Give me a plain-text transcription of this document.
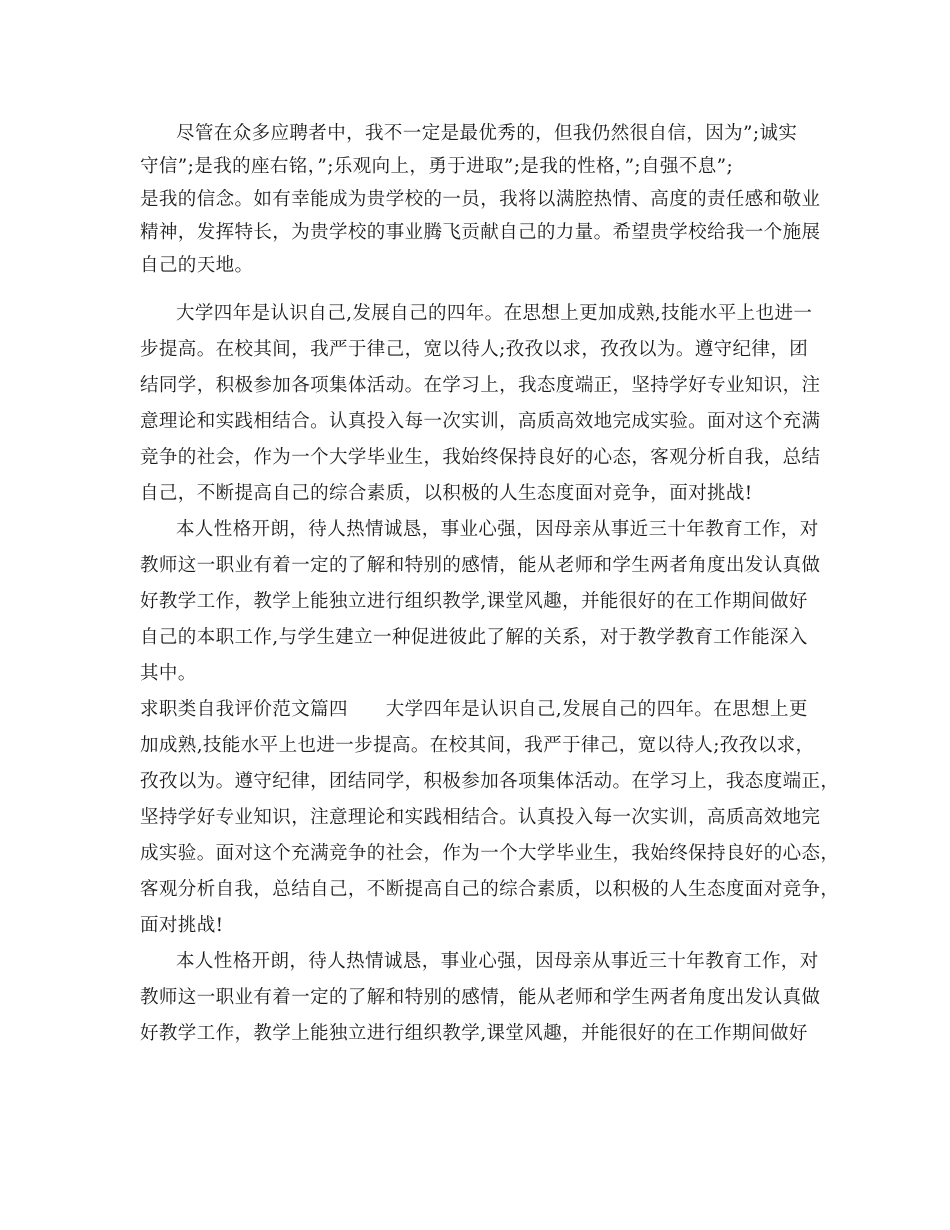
尽管在众多应聘者中，我不一定是最优秀的，但我仍然很自信，因为”;诚实
守信”;是我的座右铭，”;乐观向上，勇于进取”;是我的性格，”;自强不息”;
是我的信念。如有幸能成为贵学校的一员，我将以满腔热情、高度的责任感和敬业
精神，发挥特长，为贵学校的事业腾飞贡献自己的力量。希望贵学校给我一个施展
自己的天地。
大学四年是认识自己,发展自己的四年。在思想上更加成熟,技能水平上也进一
步提高。在校其间，我严于律己，宽以待人;孜孜以求，孜孜以为。遵守纪律，团
结同学，积极参加各项集体活动。在学习上，我态度端正，坚持学好专业知识，注
意理论和实践相结合。认真投入每一次实训，高质高效地完成实验。面对这个充满
竞争的社会，作为一个大学毕业生，我始终保持良好的心态，客观分析自我，总结
自己，不断提高自己的综合素质，以积极的人生态度面对竞争，面对挑战!
本人性格开朗，待人热情诚恳，事业心强，因母亲从事近三十年教育工作，对
教师这一职业有着一定的了解和特别的感情，能从老师和学生两者角度出发认真做
好教学工作，教学上能独立进行组织教学,课堂风趣，并能很好的在工作期间做好
自己的本职工作,与学生建立一种促进彼此了解的关系，对于教学教育工作能深入
其中。
求职类自我评价范文篇四　　大学四年是认识自己,发展自己的四年。在思想上更
加成熟,技能水平上也进一步提高。在校其间，我严于律己，宽以待人;孜孜以求，
孜孜以为。遵守纪律，团结同学，积极参加各项集体活动。在学习上，我态度端正，
坚持学好专业知识，注意理论和实践相结合。认真投入每一次实训，高质高效地完
成实验。面对这个充满竞争的社会，作为一个大学毕业生，我始终保持良好的心态，
客观分析自我，总结自己，不断提高自己的综合素质，以积极的人生态度面对竞争，
面对挑战!
本人性格开朗，待人热情诚恳，事业心强，因母亲从事近三十年教育工作，对
教师这一职业有着一定的了解和特别的感情，能从老师和学生两者角度出发认真做
好教学工作，教学上能独立进行组织教学,课堂风趣，并能很好的在工作期间做好
